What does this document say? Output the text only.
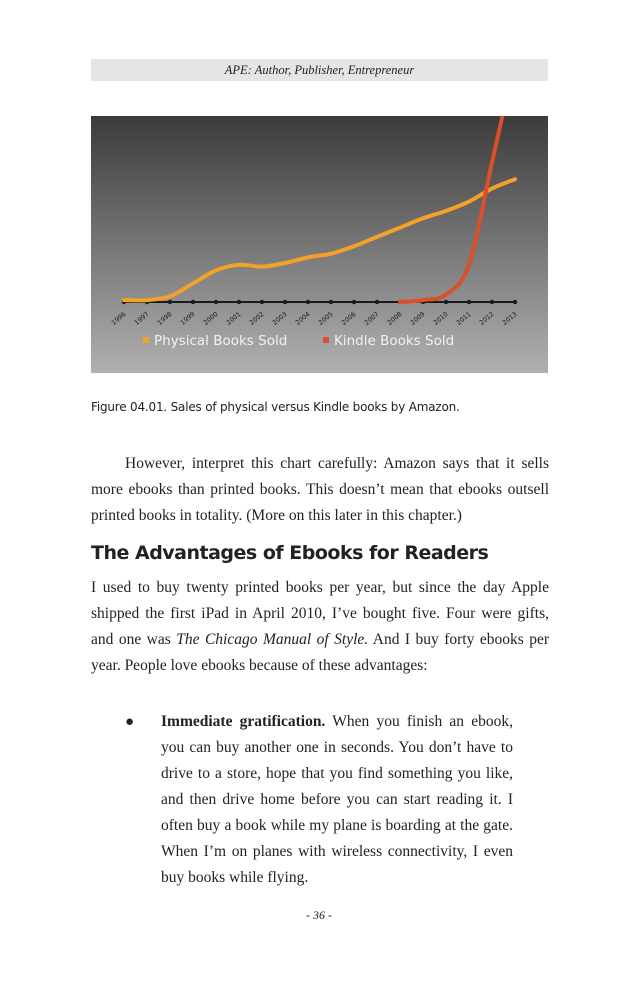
APE: Author, Publisher, Entrepreneur
1996 1997 1998 1999 2000 2001 2002 2003 2004 2005 2006 2007 2008 2009 2010 2011 2012 2013
Physical Books Sold	Kindle Books Sold
Figure 04.01. Sales of physical versus Kindle books by Amazon.
However, interpret this chart carefully: Amazon says that it sells more ebooks than printed books. This doesn’t mean that ebooks outsell printed books in totality. (More on this later in this chapter.)
The Advantages of Ebooks for Readers
I used to buy twenty printed books per year, but since the day Apple shipped the first iPad in April 2010, I’ve bought five. Four were gifts, and one was The Chicago Manual of Style. And I buy forty ebooks per year. People love ebooks because of these advantages:
● Immediate gratification. When you finish an ebook, you can buy another one in seconds. You don’t have to drive to a store, hope that you find something you like, and then drive home before you can start reading it. I often buy a book while my plane is boarding at the gate. When I’m on planes with wireless connectivity, I even buy books while flying.
- 36 -
